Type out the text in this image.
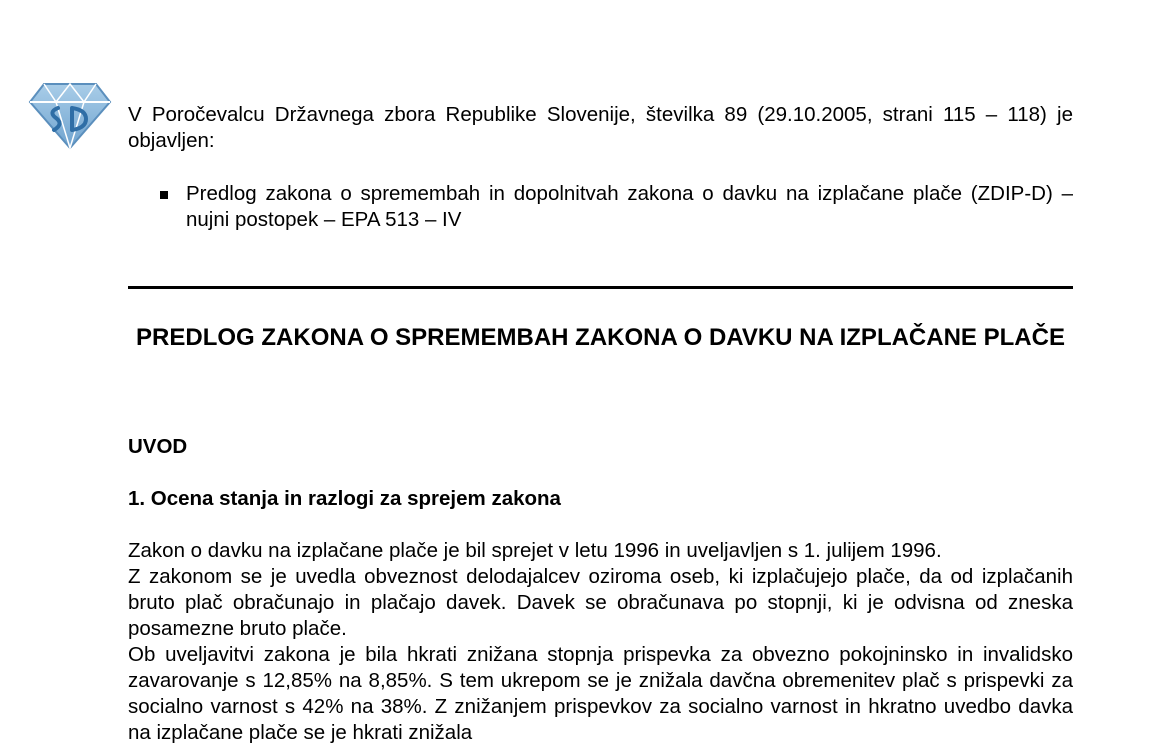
V Poročevalcu Državnega zbora Republike Slovenije, številka 89 (29.10.2005, strani 115 – 118) je objavljen:
Predlog zakona o spremembah in dopolnitvah zakona o davku na izplačane plače (ZDIP-D) – nujni postopek – EPA 513 – IV
PREDLOG ZAKONA O SPREMEMBAH ZAKONA O DAVKU NA IZPLAČANE PLAČE
UVOD
1. Ocena stanja in razlogi za sprejem zakona

Zakon o davku na izplačane plače je bil sprejet v letu 1996 in uveljavljen s 1. julijem 1996.

Z zakonom se je uvedla obveznost delodajalcev oziroma oseb, ki izplačujejo plače, da od izplačanih bruto plač obračunajo in plačajo davek. Davek se obračunava po stopnji, ki je odvisna od zneska posamezne bruto plače.

Ob uveljavitvi zakona je bila hkrati znižana stopnja prispevka za obvezno pokojninsko in invalidsko zavarovanje s 12,85% na 8,85%. S tem ukrepom se je znižala davčna obremenitev plač s prispevki za socialno varnost s 42% na 38%. Z znižanjem prispevkov za socialno varnost in hkratno uvedbo davka na izplačane plače se je hkrati znižala
